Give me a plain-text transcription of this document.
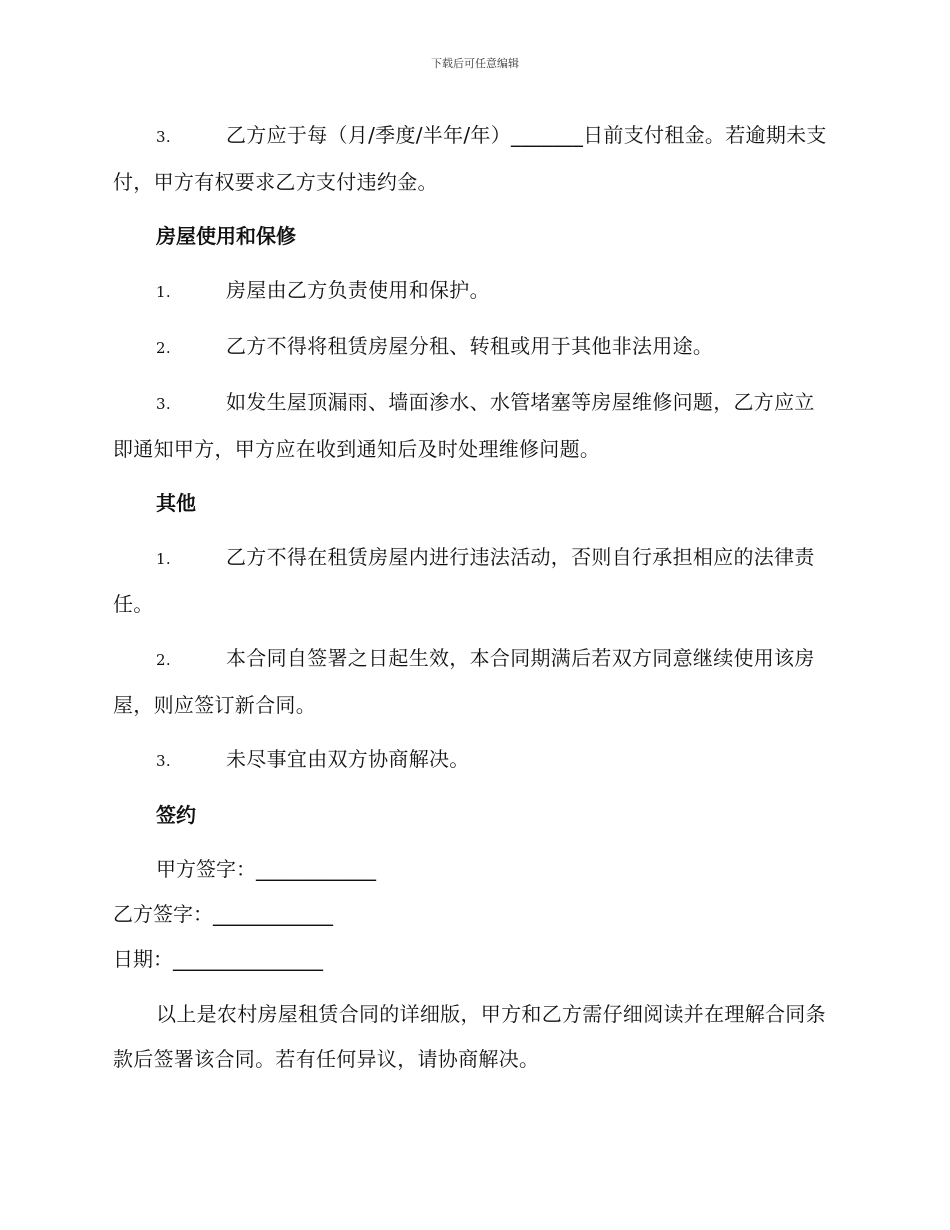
下载后可任意编辑

3.	乙方应于每（月/季度/半年/年）_______日前支付租金。若逾期未支付，甲方有权要求乙方支付违约金。

房屋使用和保修

1.	房屋由乙方负责使用和保护。

2.	乙方不得将租赁房屋分租、转租或用于其他非法用途。

3.	如发生屋顶漏雨、墙面渗水、水管堵塞等房屋维修问题，乙方应立即通知甲方，甲方应在收到通知后及时处理维修问题。

其他

1.	乙方不得在租赁房屋内进行违法活动，否则自行承担相应的法律责任。

2.	本合同自签署之日起生效，本合同期满后若双方同意继续使用该房屋，则应签订新合同。

3.	未尽事宜由双方协商解决。

签约

甲方签字：____________

乙方签字：____________

日期：_______________

以上是农村房屋租赁合同的详细版，甲方和乙方需仔细阅读并在理解合同条款后签署该合同。若有任何异议，请协商解决。
